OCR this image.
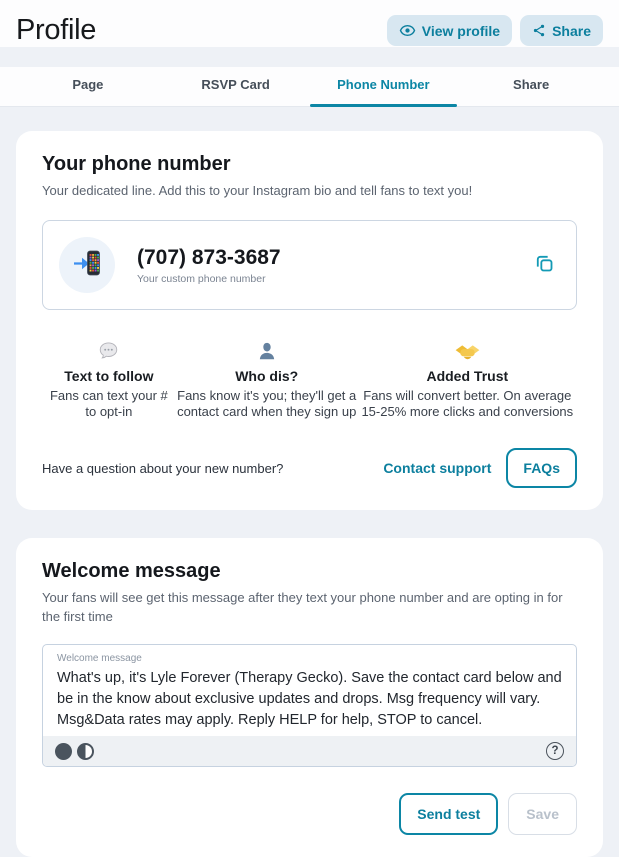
Profile	View profile	Share
Page	RSVP Card	Phone Number	Share
Your phone number
Your dedicated line. Add this to your Instagram bio and tell fans to text you!
(707) 873-3687
Your custom phone number
Text to follow
Fans can text your # to opt-in
Who dis?
Fans know it's you; they'll get a contact card when they sign up
Added Trust
Fans will convert better. On average 15-25% more clicks and conversions
Have a question about your new number?	Contact support	FAQs
Welcome message
Your fans will see get this message after they text your phone number and are opting in for the first time
Welcome message
What's up, it's Lyle Forever (Therapy Gecko). Save the contact card below and be in the know about exclusive updates and drops. Msg frequency will vary. Msg&Data rates may apply. Reply HELP for help, STOP to cancel.
?
Send test	Save
